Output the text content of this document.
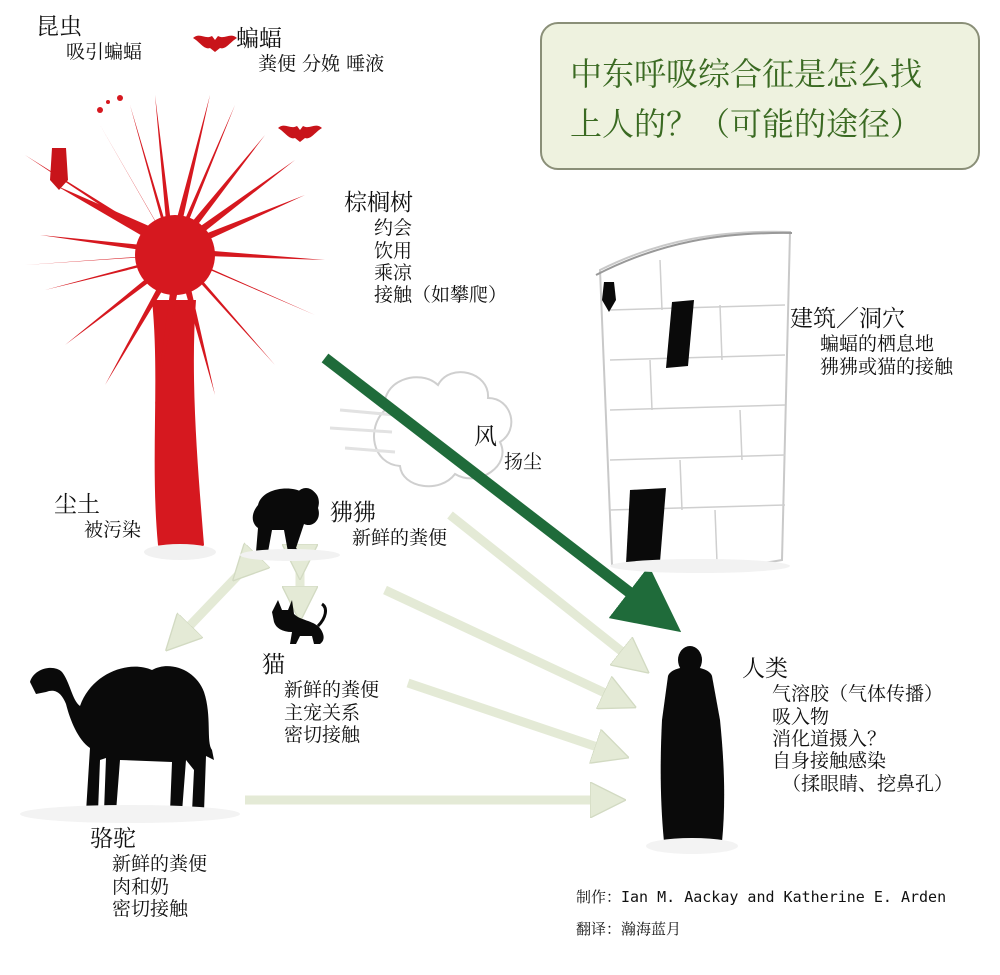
中东呼吸综合征是怎么找上人的？（可能的途径）
昆虫
吸引蝙蝠
蝙蝠
粪便 分娩 唾液
棕榈树
约会
饮用
乘凉
接触（如攀爬）
建筑／洞穴
蝙蝠的栖息地
狒狒或猫的接触
风
扬尘
尘土
被污染
狒狒
新鲜的粪便
猫
新鲜的粪便
主宠关系
密切接触
骆驼
新鲜的粪便
肉和奶
密切接触
人类
气溶胶（气体传播）
吸入物
消化道摄入？
自身接触感染
（揉眼睛、挖鼻孔）
制作：Ian M. Aackay and Katherine E. Arden
翻译：瀚海蓝月
